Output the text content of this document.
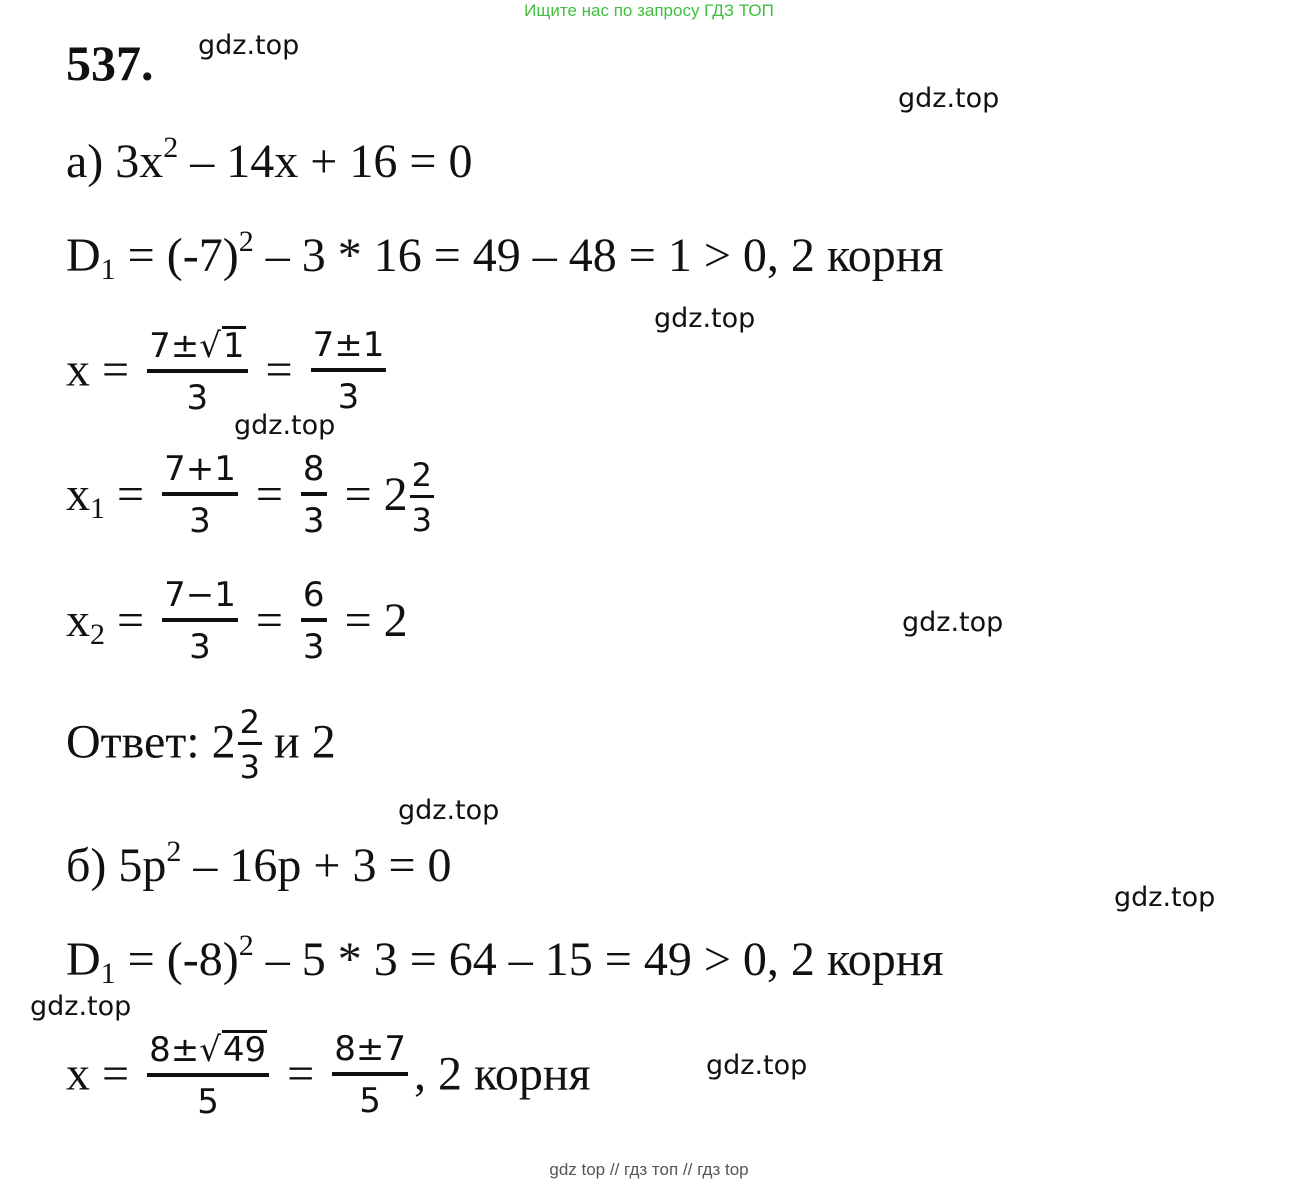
Ищите нас по запросу ГДЗ ТОП
537. gdz.top
gdz.top
gdz.top
gdz.top
gdz.top
gdz.top
gdz.top
gdz.top
gdz.top
а) $3x^2 - 14x + 16 = 0$
$D_1 = (-7)^2 - 3 * 16 = 49 - 48 = 1 > 0$, 2 корня
$x = \frac{7\pm√1}{3} = \frac{7\pm 1}{3}$
$x_1 = \frac{7+1}{3} = \frac{8}{3} = 2 \frac{2}{3}$
$x_2 = \frac{7-1}{3} = \frac{6}{3} = 2$
Ответ: $2 \frac{2}{3}$ и 2
б) $5p^2 - 16p + 3 = 0$
$D_1 = (-8)^2 - 5 * 3 = 64 - 15 = 49 > 0$, 2 корня
$x = \frac{8\pm√49}{5} = \frac{8\pm 7}{5}$ , 2 корня
gdz top // гдз топ // гдз top
